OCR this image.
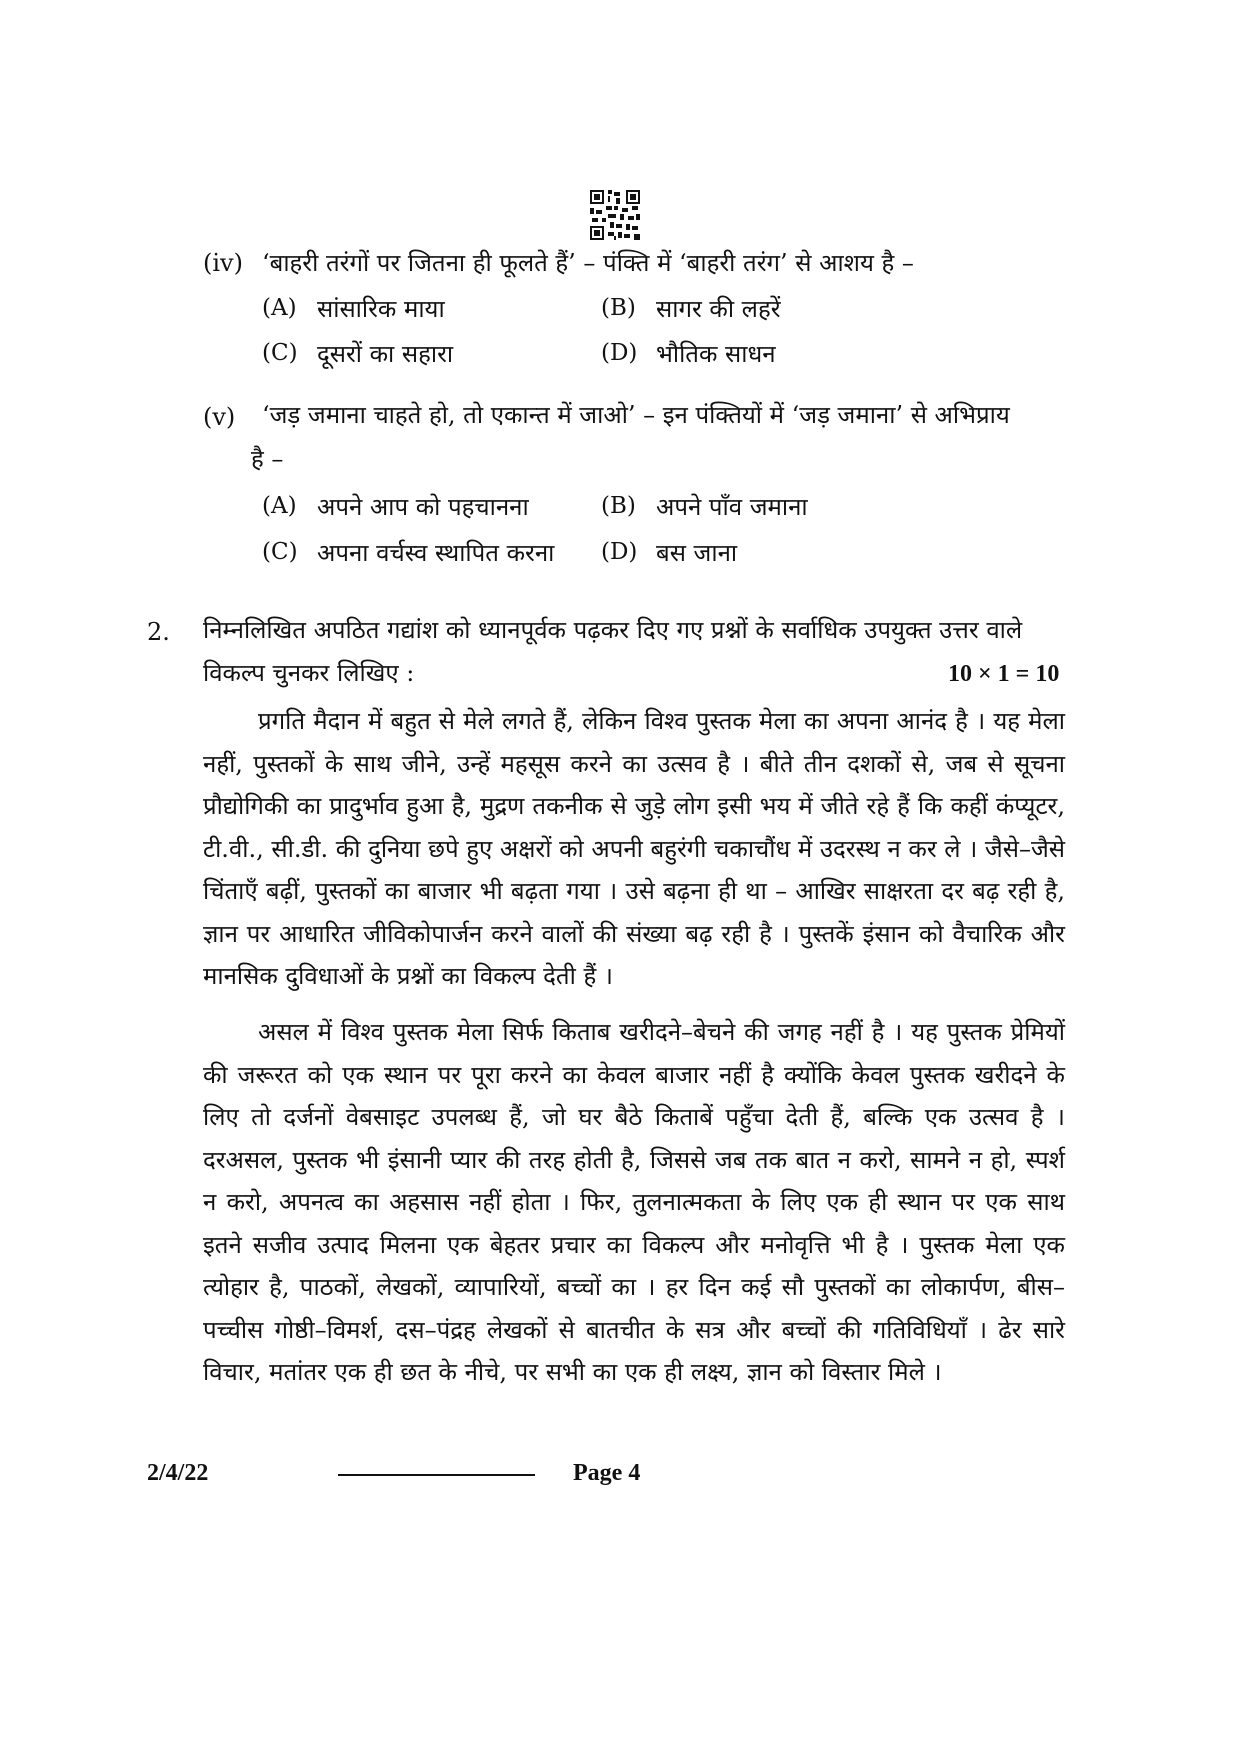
(iv) ‘बाहरी तरंगों पर जितना ही फूलते हैं’ – पंक्ति में ‘बाहरी तरंग’ से आशय है –
(A) सांसारिक माया	(B) सागर की लहरें
(C) दूसरों का सहारा	(D) भौतिक साधन
(v) ‘जड़ जमाना चाहते हो, तो एकान्त में जाओ’ – इन पंक्तियों में ‘जड़ जमाना’ से अभिप्राय
है –
(A) अपने आप को पहचानना	(B) अपने पाँव जमाना
(C) अपना वर्चस्व स्थापित करना (D) बस जाना
2. निम्नलिखित अपठित गद्यांश को ध्यानपूर्वक पढ़कर दिए गए प्रश्नों के सर्वाधिक उपयुक्त उत्तर वाले
विकल्प चुनकर लिखिए :	10 × 1 = 10
प्रगति मैदान में बहुत से मेले लगते हैं, लेकिन विश्व पुस्तक मेला का अपना आनंद है । यह मेला नहीं, पुस्तकों के साथ जीने, उन्हें महसूस करने का उत्सव है । बीते तीन दशकों से, जब से सूचना प्रौद्योगिकी का प्रादुर्भाव हुआ है, मुद्रण तकनीक से जुड़े लोग इसी भय में जीते रहे हैं कि कहीं कंप्यूटर, टी.वी., सी.डी. की दुनिया छपे हुए अक्षरों को अपनी बहुरंगी चकाचौंध में उदरस्थ न कर ले । जैसे–जैसे चिंताएँ बढ़ीं, पुस्तकों का बाजार भी बढ़ता गया । उसे बढ़ना ही था – आखिर साक्षरता दर बढ़ रही है, ज्ञान पर आधारित जीविकोपार्जन करने वालों की संख्या बढ़ रही है । पुस्तकें इंसान को वैचारिक और मानसिक दुविधाओं के प्रश्नों का विकल्प देती हैं ।
असल में विश्व पुस्तक मेला सिर्फ किताब खरीदने–बेचने की जगह नहीं है । यह पुस्तक प्रेमियों की जरूरत को एक स्थान पर पूरा करने का केवल बाजार नहीं है क्योंकि केवल पुस्तक खरीदने के लिए तो दर्जनों वेबसाइट उपलब्ध हैं, जो घर बैठे किताबें पहुँचा देती हैं, बल्कि एक उत्सव है । दरअसल, पुस्तक भी इंसानी प्यार की तरह होती है, जिससे जब तक बात न करो, सामने न हो, स्पर्श न करो, अपनत्व का अहसास नहीं होता । फिर, तुलनात्मकता के लिए एक ही स्थान पर एक साथ इतने सजीव उत्पाद मिलना एक बेहतर प्रचार का विकल्प और मनोवृत्ति भी है । पुस्तक मेला एक त्योहार है, पाठकों, लेखकों, व्यापारियों, बच्चों का । हर दिन कई सौ पुस्तकों का लोकार्पण, बीस–पच्चीस गोष्ठी–विमर्श, दस–पंद्रह लेखकों से बातचीत के सत्र और बच्चों की गतिविधियाँ । ढेर सारे विचार, मतांतर एक ही छत के नीचे, पर सभी का एक ही लक्ष्य, ज्ञान को विस्तार मिले ।
2/4/22	Page 4
